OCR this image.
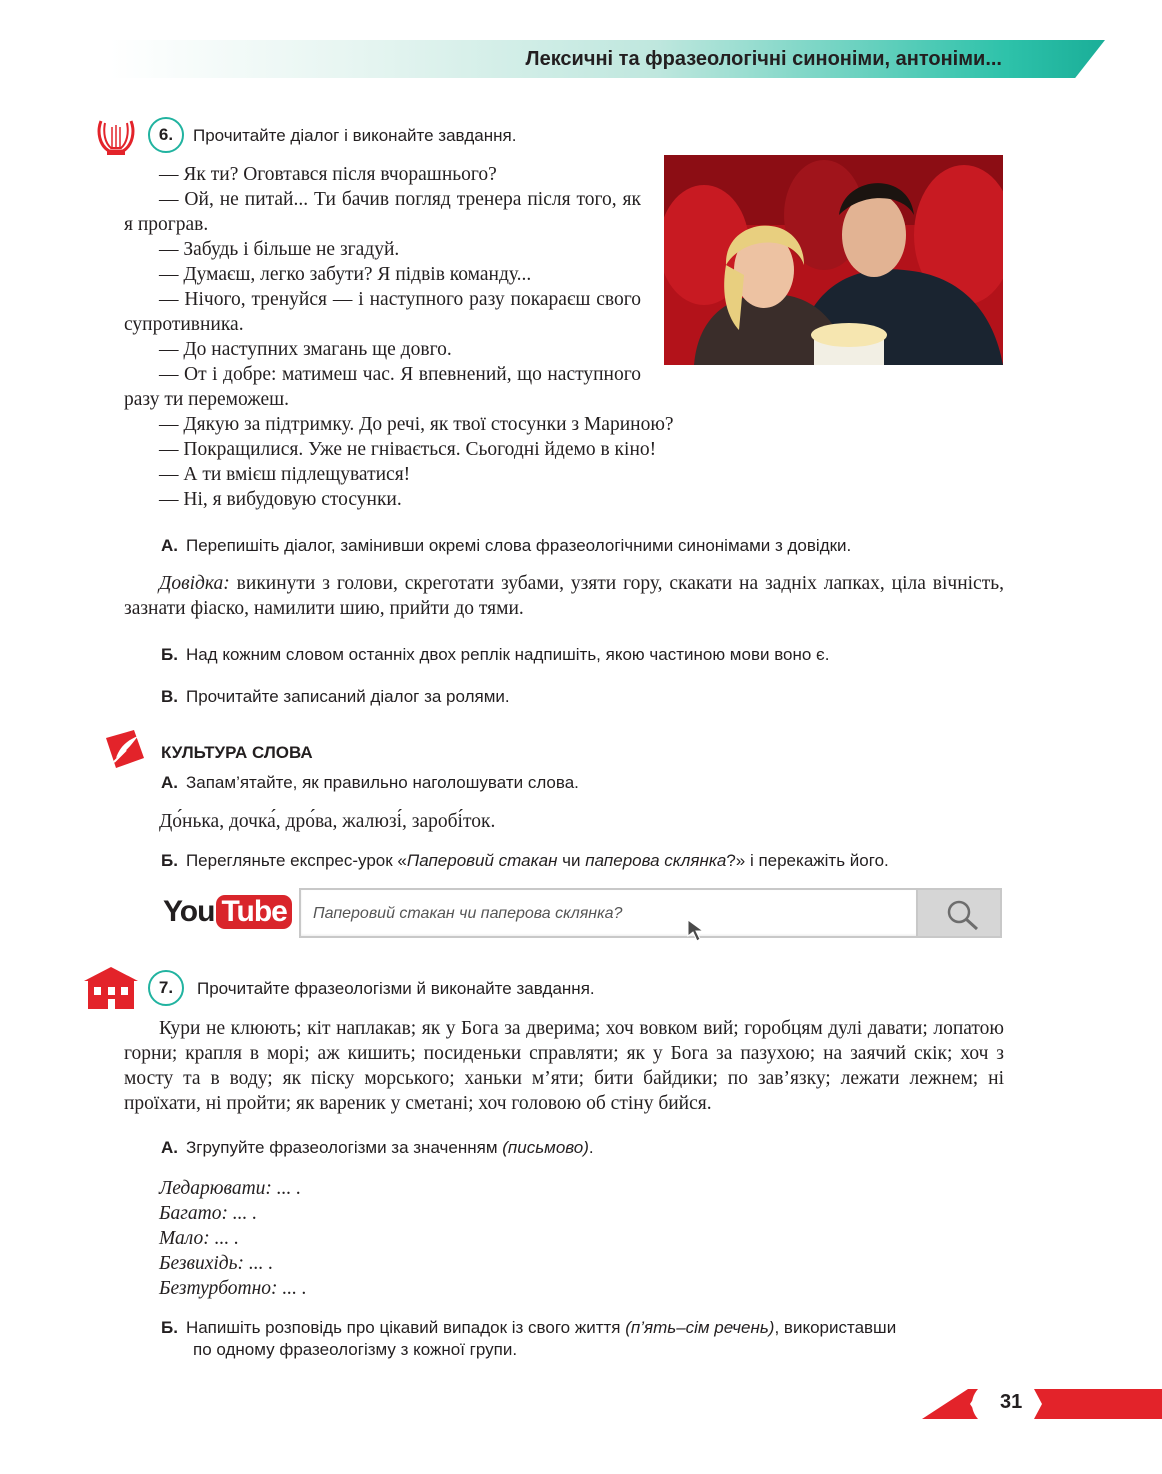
Лексичні та фразеологічні синоніми, антоніми...
6.	Прочитайте діалог і виконайте завдання.

— Як ти? Оговтався після вчорашнього?

— Ой, не питай... Ти бачив погляд тренера після того, як я програв.

— Забудь і більше не згадуй.

— Думаєш, легко забути? Я підвів команду...

— Нічого, тренуйся — і наступного разу покараєш свого супротивника.

— До наступних змагань ще довго.

— От і добре: матимеш час. Я впевнений, що наступного разу ти переможеш.

— Дякую за підтримку. До речі, як твої стосунки з Мариною?

— Покращилися. Уже не гнівається. Сьогодні йдемо в кіно!

— А ти вмієш підлещуватися!

— Ні, я вибудовую стосунки.

А. Перепишіть діалог, замінивши окремі слова фразеологічними синонімами з довідки.
Довідка: викинути з голови, скреготати зубами, узяти гору, скакати на задніх лапках, ціла вічність, зазнати фіаско, намилити шию, прийти до тями.
Б. Над кожним словом останніх двох реплік надпишіть, якою частиною мови воно є.
В. Прочитайте записаний діалог за ролями.
КУЛЬТУРА СЛОВА
А. Запам’ятайте, як правильно наголошувати слова.
До́нька, дочка́, дро́ва, жалюзі́, заробі́ток.
Б. Перегляньте експрес-урок «Паперовий стакан чи паперова склянка?» і перекажіть його.
You Tube	Паперовий стакан чи паперова склянка?
7.	Прочитайте фразеологізми й виконайте завдання.
Кури не клюють; кіт наплакав; як у Бога за дверима; хоч вовком вий; горобцям дулі давати; лопатою горни; крапля в морі; аж кишить; посиденьки справляти; як у Бога за пазухою; на заячий скік; хоч з мосту та в воду; як піску морського; ханьки м’яти; бити байдики; по зав’язку; лежати лежнем; ні проїхати, ні пройти; як вареник у сметані; хоч головою об стіну бийся.
А. Згрупуйте фразеологізми за значенням (письмово).
Ледарювати: ... .
Багато: ... .
Мало: ... .
Безвихідь: ... .
Безтурботно: ... .
Б. Напишіть розповідь про цікавий випадок із свого життя (п’ять–сім речень), використавши
по одному фразеологізму з кожної групи.
31
